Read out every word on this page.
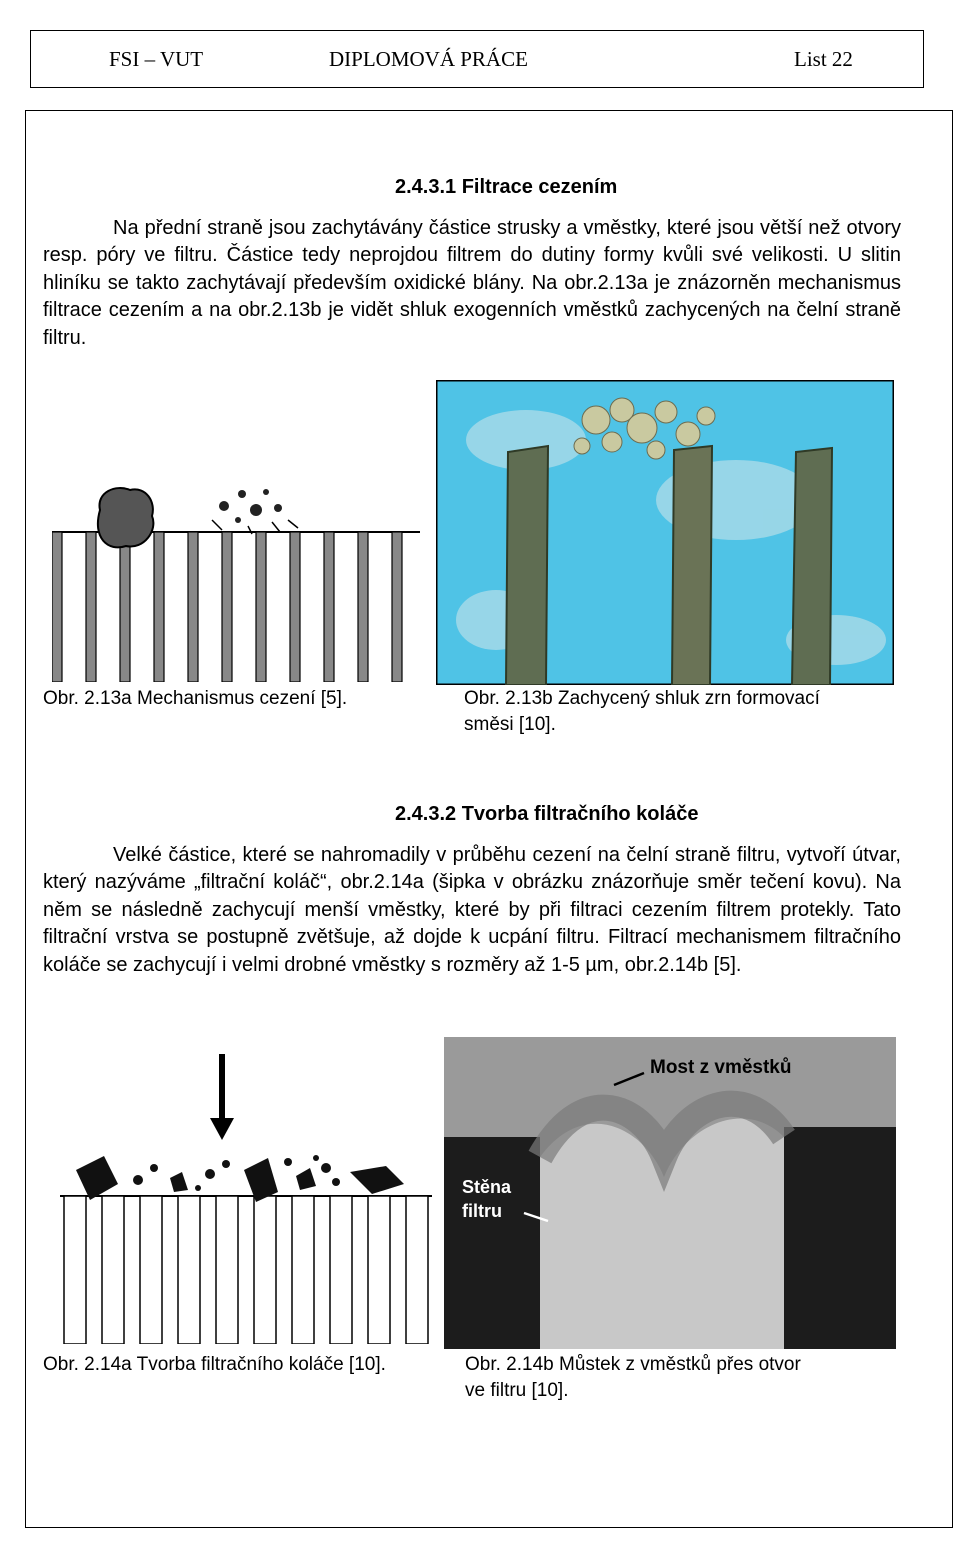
FSI – VUT	DIPLOMOVÁ PRÁCE	List 22
2.4.3.1 Filtrace cezením
Na přední straně jsou zachytávány částice strusky a vměstky, které jsou větší než otvory resp. póry ve filtru. Částice tedy neprojdou filtrem do dutiny formy kvůli své velikosti. U slitin hliníku se takto zachytávají především oxidické blány. Na obr.2.13a je znázorněn mechanismus filtrace cezením a na obr.2.13b je vidět shluk exogenních vměstků zachycených na čelní straně filtru.
Obr. 2.13a Mechanismus cezení [5].	Obr. 2.13b Zachycený shluk zrn formovací
směsi [10].
2.4.3.2 Tvorba filtračního koláče
Velké částice, které se nahromadily v průběhu cezení na čelní straně filtru, vytvoří útvar, který nazýváme „filtrační koláč“, obr.2.14a (šipka v obrázku znázorňuje směr tečení kovu). Na něm se následně zachycují menší vměstky, které by při filtraci cezením filtrem protekly. Tato filtrační vrstva se postupně zvětšuje, až dojde k ucpání filtru. Filtrací mechanismem filtračního koláče se zachycují i velmi drobné vměstky s rozměry až 1-5 µm, obr.2.14b [5].
Most z vměstků
Stěna
filtru
Obr. 2.14a Tvorba filtračního koláče [10].	Obr. 2.14b Můstek z vměstků přes otvor
ve filtru [10].
